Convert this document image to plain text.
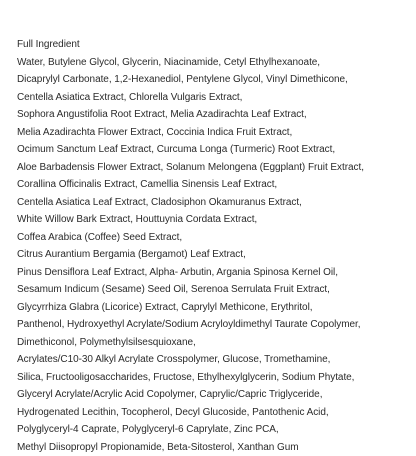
Full Ingredient
Water, Butylene Glycol, Glycerin, Niacinamide, Cetyl Ethylhexanoate,
Dicaprylyl Carbonate, 1,2-Hexanediol, Pentylene Glycol, Vinyl Dimethicone,
Centella Asiatica Extract, Chlorella Vulgaris Extract,
Sophora Angustifolia Root Extract, Melia Azadirachta Leaf Extract,
Melia Azadirachta Flower Extract, Coccinia Indica Fruit Extract,
Ocimum Sanctum Leaf Extract, Curcuma Longa (Turmeric) Root Extract,
Aloe Barbadensis Flower Extract, Solanum Melongena (Eggplant) Fruit Extract,
Corallina Officinalis Extract, Camellia Sinensis Leaf Extract,
Centella Asiatica Leaf Extract, Cladosiphon Okamuranus Extract,
White Willow Bark Extract, Houttuynia Cordata Extract,
Coffea Arabica (Coffee) Seed Extract,
Citrus Aurantium Bergamia (Bergamot) Leaf Extract,
Pinus Densiflora Leaf Extract, Alpha- Arbutin, Argania Spinosa Kernel Oil,
Sesamum Indicum (Sesame) Seed Oil, Serenoa Serrulata Fruit Extract,
Glycyrrhiza Glabra (Licorice) Extract, Caprylyl Methicone, Erythritol,
Panthenol, Hydroxyethyl Acrylate/Sodium Acryloyldimethyl Taurate Copolymer,
Dimethiconol, Polymethylsilsesquioxane,
Acrylates/C10-30 Alkyl Acrylate Crosspolymer, Glucose, Tromethamine,
Silica, Fructooligosaccharides, Fructose, Ethylhexylglycerin, Sodium Phytate,
Glyceryl Acrylate/Acrylic Acid Copolymer, Caprylic/Capric Triglyceride,
Hydrogenated Lecithin, Tocopherol, Decyl Glucoside, Pantothenic Acid,
Polyglyceryl-4 Caprate, Polyglyceryl-6 Caprylate, Zinc PCA,
Methyl Diisopropyl Propionamide, Beta-Sitosterol, Xanthan Gum
